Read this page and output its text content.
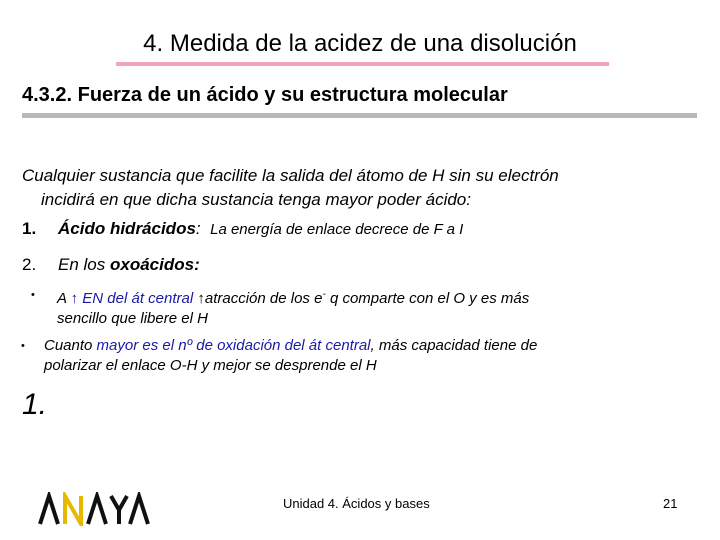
4. Medida de la acidez de una disolución
4.3.2. Fuerza de un ácido y su estructura molecular
Cualquier sustancia que facilite la salida del átomo de H sin su electrón
incidirá en que dicha sustancia tenga mayor poder ácido:
1. Ácido hidrácidos: La energía de enlace decrece de F a I
2. En los oxoácidos:
• A ↑ EN del át central ↑atracción de los e- q comparte con el O y es más
sencillo que libere el H
• Cuanto mayor es el nº de oxidación del át central, más capacidad tiene de
polarizar el enlace O-H y mejor se desprende el H
1.
Unidad 4. Ácidos y bases	21
